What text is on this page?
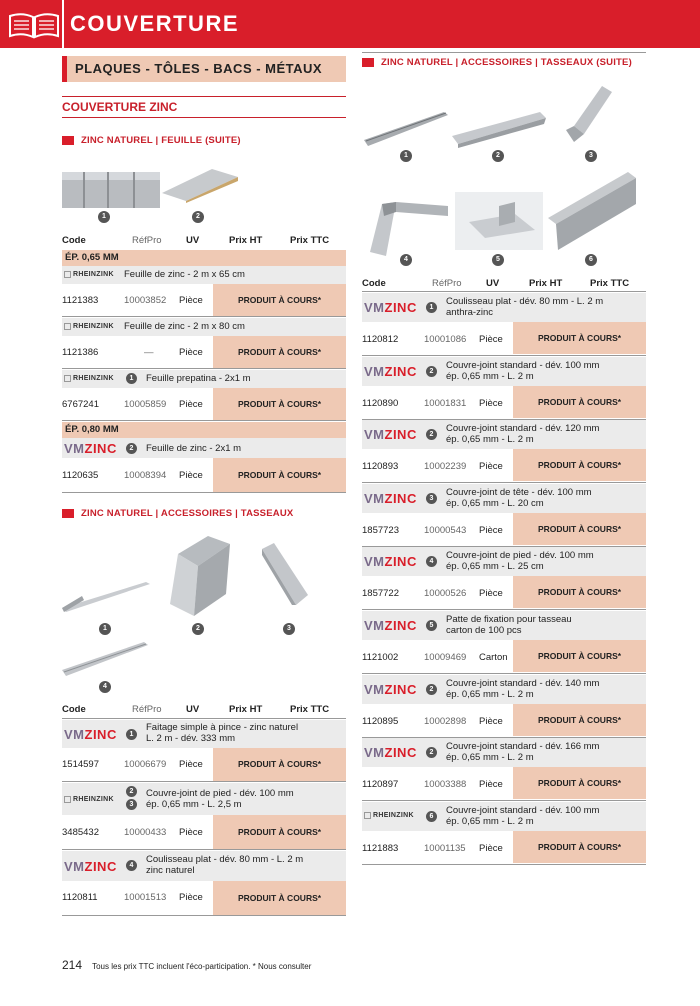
COUVERTURE
PLAQUES - TÔLES - BACS - MÉTAUX
COUVERTURE ZINC
ZINC NATUREL | FEUILLE (SUITE)
1	2
Code	RéfPro	UV	Prix HT	Prix TTC
ÉP. 0,65 MM
RHEINZINK Feuille de zinc - 2 m x 65 cm
1121383	10003852 Pièce	PRODUIT À COURS*
RHEINZINK Feuille de zinc - 2 m x 80 cm
1121386	—	Pièce	PRODUIT À COURS*
RHEINZINK	1	Feuille prepatina - 2x1 m
6767241	10005859 Pièce	PRODUIT À COURS*
ÉP. 0,80 MM
VMZINC	2	Feuille de zinc - 2x1 m
1120635	10008394 Pièce	PRODUIT À COURS*
ZINC NATUREL | ACCESSOIRES | TASSEAUX
1	2	3
4
Code	RéfPro	UV	Prix HT	Prix TTC
VMZINC	1
Faitage simple à pince - zinc naturel
L. 2 m - dév. 333 mm
1514597	10006679 Pièce	PRODUIT À COURS*
RHEINZINK
2
3
Couvre-joint de pied - dév. 100 mm
ép. 0,65 mm - L. 2,5 m
3485432	10000433 Pièce	PRODUIT À COURS*
VMZINC	4
Coulisseau plat - dév. 80 mm - L. 2 m
zinc naturel
1120811	10001513 Pièce	PRODUIT À COURS*
ZINC NATUREL | ACCESSOIRES | TASSEAUX (SUITE)
1	2	3
4	5	6
Code	RéfPro	UV	Prix HT	Prix TTC
VMZINC	1
Coulisseau plat - dév. 80 mm - L. 2 m
anthra-zinc
1120812	10001086 Pièce	PRODUIT À COURS*
VMZINC	2
Couvre-joint standard - dév. 100 mm
ép. 0,65 mm - L. 2 m
1120890	10001831 Pièce	PRODUIT À COURS*
VMZINC	2
Couvre-joint standard - dév. 120 mm
ép. 0,65 mm - L. 2 m
1120893	10002239 Pièce	PRODUIT À COURS*
VMZINC	3
Couvre-joint de tête - dév. 100 mm
ép. 0,65 mm - L. 20 cm
1857723	10000543 Pièce	PRODUIT À COURS*
VMZINC	4
Couvre-joint de pied - dév. 100 mm
ép. 0,65 mm - L. 25 cm
1857722	10000526 Pièce	PRODUIT À COURS*
VMZINC	5
Patte de fixation pour tasseau
carton de 100 pcs
1121002	10009469 Carton	PRODUIT À COURS*
VMZINC	2
Couvre-joint standard - dév. 140 mm
ép. 0,65 mm - L. 2 m
1120895	10002898 Pièce	PRODUIT À COURS*
VMZINC	2
Couvre-joint standard - dév. 166 mm
ép. 0,65 mm - L. 2 m
1120897	10003388 Pièce	PRODUIT À COURS*
RHEINZINK	6
Couvre-joint standard - dév. 100 mm
ép. 0,65 mm - L. 2 m
1121883	10001135 Pièce	PRODUIT À COURS*
214 Tous les prix TTC incluent l'éco-participation. * Nous consulter
